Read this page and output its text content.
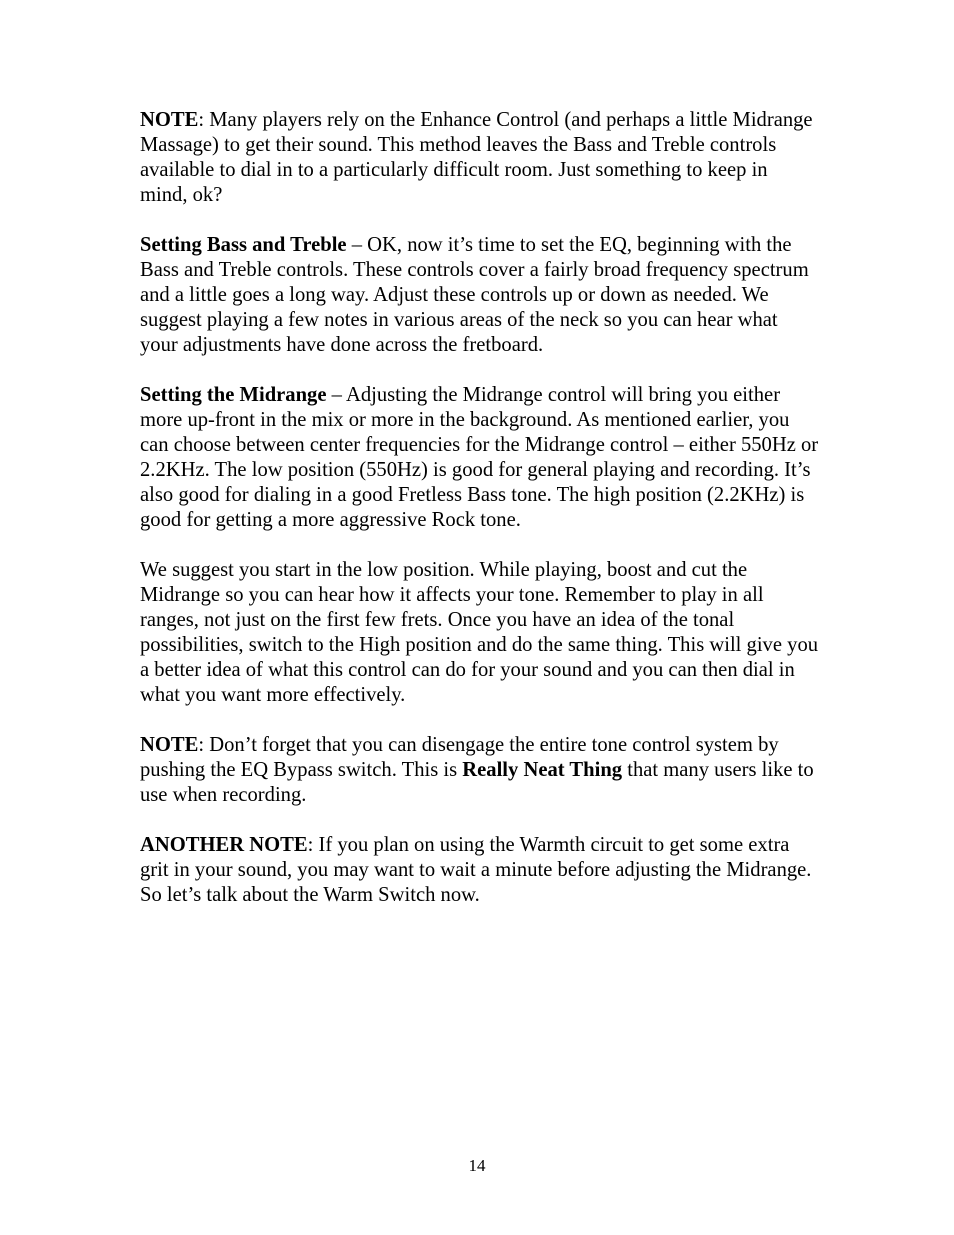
NOTE: Many players rely on the Enhance Control (and perhaps a little Midrange Massage) to get their sound. This method leaves the Bass and Treble controls available to dial in to a particularly difficult room. Just something to keep in mind, ok?

Setting Bass and Treble – OK, now it’s time to set the EQ, beginning with the Bass and Treble controls. These controls cover a fairly broad frequency spectrum and a little goes a long way. Adjust these controls up or down as needed. We suggest playing a few notes in various areas of the neck so you can hear what your adjustments have done across the fretboard.

Setting the Midrange – Adjusting the Midrange control will bring you either more up-front in the mix or more in the background. As mentioned earlier, you can choose between center frequencies for the Midrange control – either 550Hz or 2.2KHz. The low position (550Hz) is good for general playing and recording. It’s also good for dialing in a good Fretless Bass tone. The high position (2.2KHz) is good for getting a more aggressive Rock tone.

We suggest you start in the low position. While playing, boost and cut the Midrange so you can hear how it affects your tone. Remember to play in all ranges, not just on the first few frets. Once you have an idea of the tonal possibilities, switch to the High position and do the same thing. This will give you a better idea of what this control can do for your sound and you can then dial in what you want more effectively.

NOTE: Don’t forget that you can disengage the entire tone control system by pushing the EQ Bypass switch. This is Really Neat Thing that many users like to use when recording.

ANOTHER NOTE: If you plan on using the Warmth circuit to get some extra grit in your sound, you may want to wait a minute before adjusting the Midrange. So let’s talk about the Warm Switch now.

14
